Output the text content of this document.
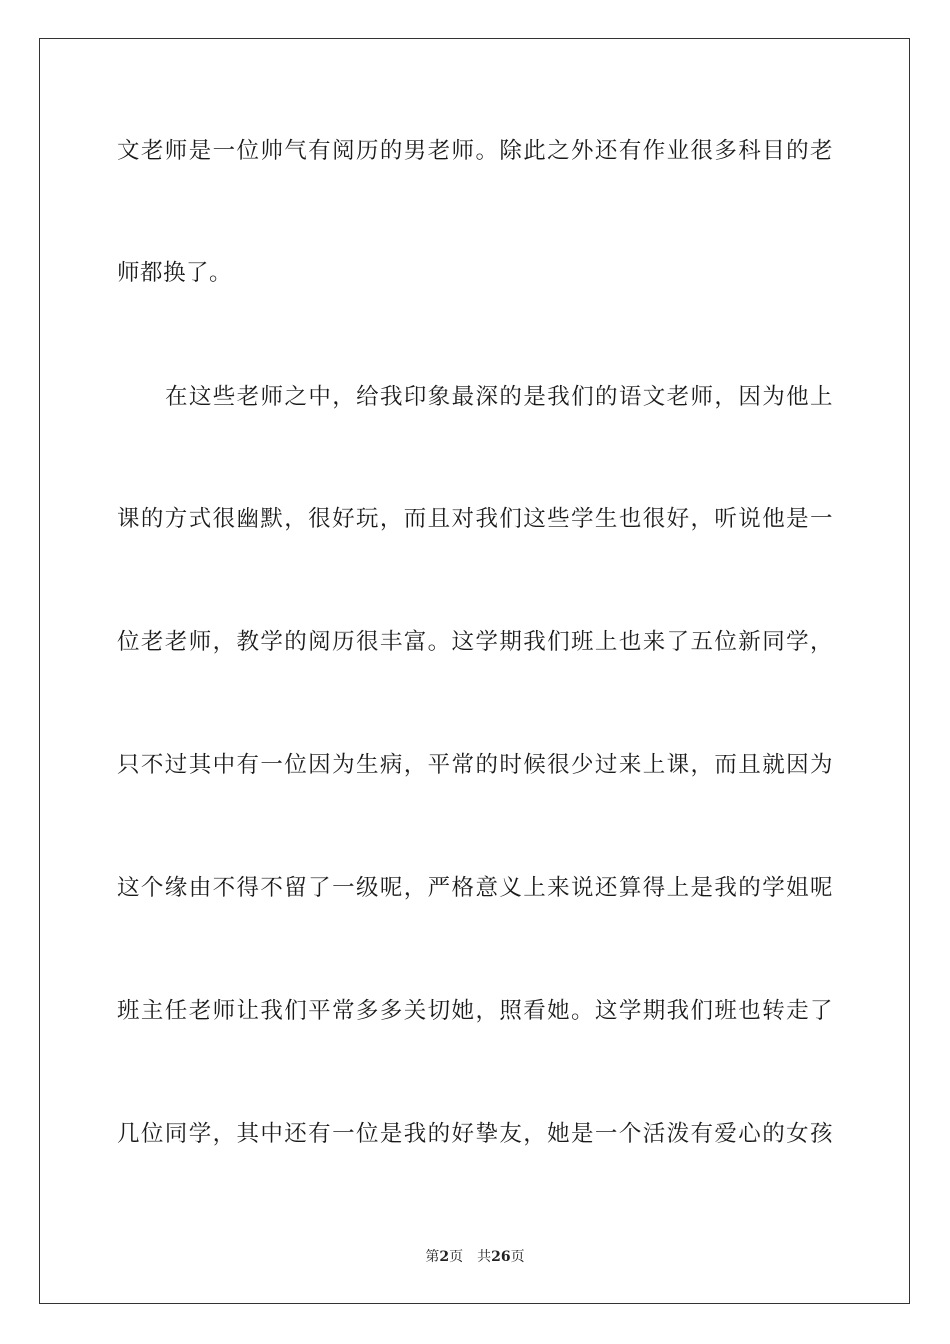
文老师是一位帅气有阅历的男老师。除此之外还有作业很多科目的老
师都换了。
在这些老师之中，给我印象最深的是我们的语文老师，因为他上
课的方式很幽默，很好玩，而且对我们这些学生也很好，听说他是一
位老老师，教学的阅历很丰富。这学期我们班上也来了五位新同学，
只不过其中有一位因为生病，平常的时候很少过来上课，而且就因为
这个缘由不得不留了一级呢，严格意义上来说还算得上是我的学姐呢
班主任老师让我们平常多多关切她，照看她。这学期我们班也转走了
几位同学，其中还有一位是我的好挚友，她是一个活泼有爱心的女孩
第2页 共26页
